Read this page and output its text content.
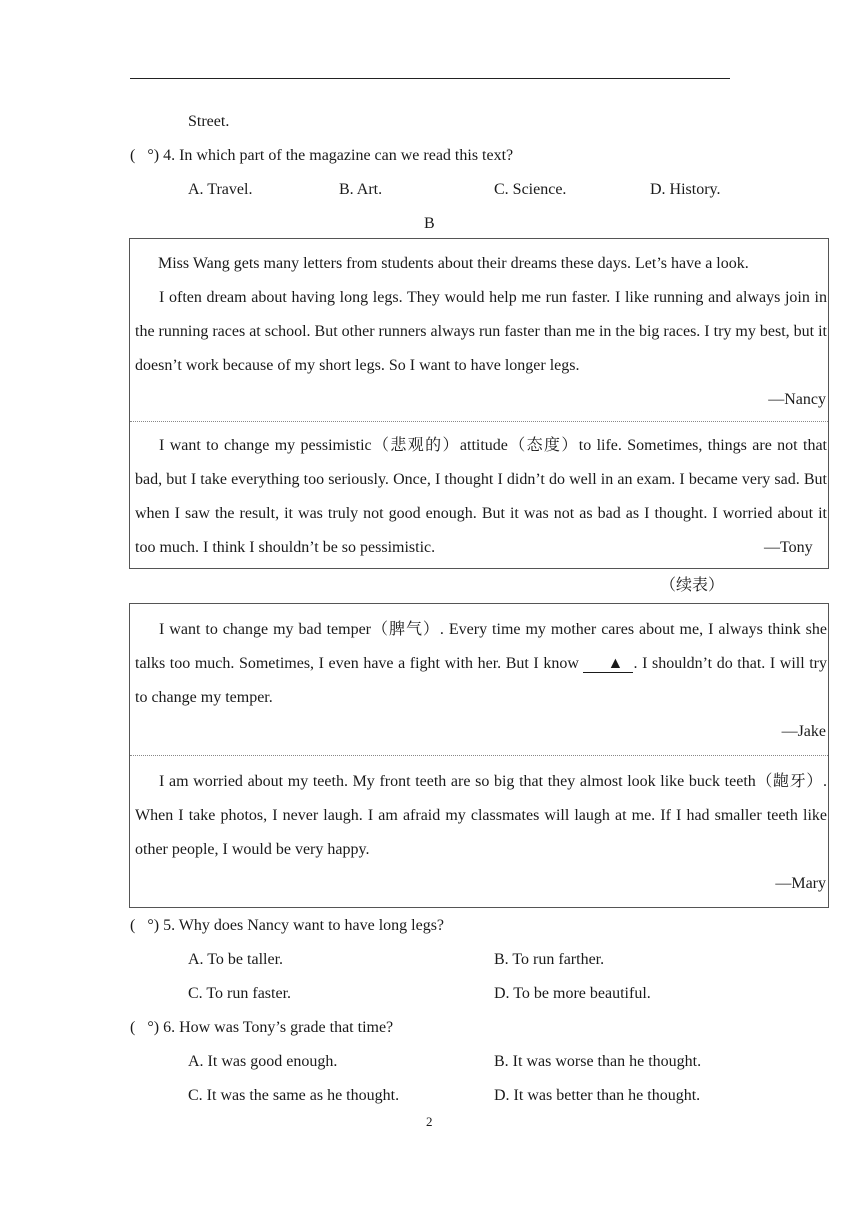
Street.
(   °) 4. In which part of the magazine can we read this text?
A. Travel.	B. Art.	C. Science.	D. History.
B
Miss Wang gets many letters from students about their dreams these days. Let’s have a look.
I often dream about having long legs. They would help me run faster. I like running and always join in the running races at school. But other runners always run faster than me in the big races. I try my best, but it doesn’t work because of my short legs. So I want to have longer legs.
—Nancy
I want to change my pessimistic（悲观的）attitude（态度）to life. Sometimes, things are not that bad, but I take everything too seriously. Once, I thought I didn’t do well in an exam. I became very sad. But when I saw the result, it was truly not good enough. But it was not as bad as I thought. I worried about it too much. I think I shouldn’t be so pessimistic.	—Tony
（续表）
I want to change my bad temper（脾气）. Every time my mother cares about me, I always think she talks too much. Sometimes, I even have a fight with her. But I know ▲ . I shouldn’t do that. I will try to change my temper.
—Jake
I am worried about my teeth. My front teeth are so big that they almost look like buck teeth（龅牙）. When I take photos, I never laugh. I am afraid my classmates will laugh at me. If I had smaller teeth like other people, I would be very happy.
—Mary
(   °) 5. Why does Nancy want to have long legs?
A. To be taller.	B. To run farther.
C. To run faster.	D. To be more beautiful.
(   °) 6. How was Tony’s grade that time?
A. It was good enough.	B. It was worse than he thought.
C. It was the same as he thought.	D. It was better than he thought.
2
